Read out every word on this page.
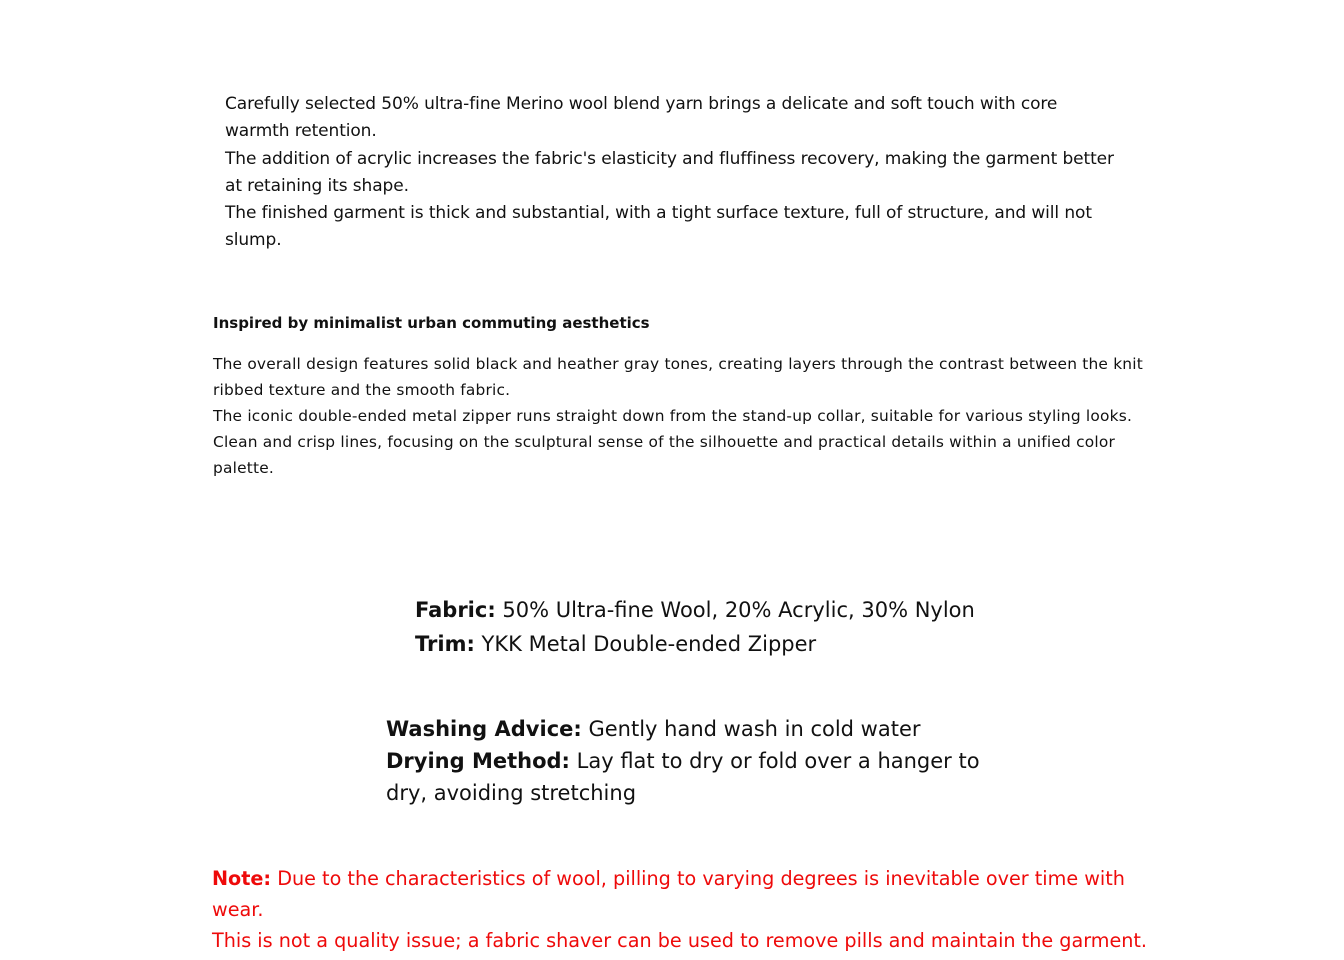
Carefully selected 50% ultra-fine Merino wool blend yarn brings a delicate and soft touch with core warmth retention.

The addition of acrylic increases the fabric's elasticity and fluffiness recovery, making the garment better at retaining its shape.

The finished garment is thick and substantial, with a tight surface texture, full of structure, and will not slump.

Inspired by minimalist urban commuting aesthetics

The overall design features solid black and heather gray tones, creating layers through the contrast between the knit ribbed texture and the smooth fabric.

The iconic double-ended metal zipper runs straight down from the stand-up collar, suitable for various styling looks.

Clean and crisp lines, focusing on the sculptural sense of the silhouette and practical details within a unified color palette.

Fabric: 50% Ultra-fine Wool, 20% Acrylic, 30% Nylon

Trim: YKK Metal Double-ended Zipper

Washing Advice: Gently hand wash in cold water

Drying Method: Lay flat to dry or fold over a hanger to dry, avoiding stretching

Note: Due to the characteristics of wool, pilling to varying degrees is inevitable over time with wear.

This is not a quality issue; a fabric shaver can be used to remove pills and maintain the garment.
